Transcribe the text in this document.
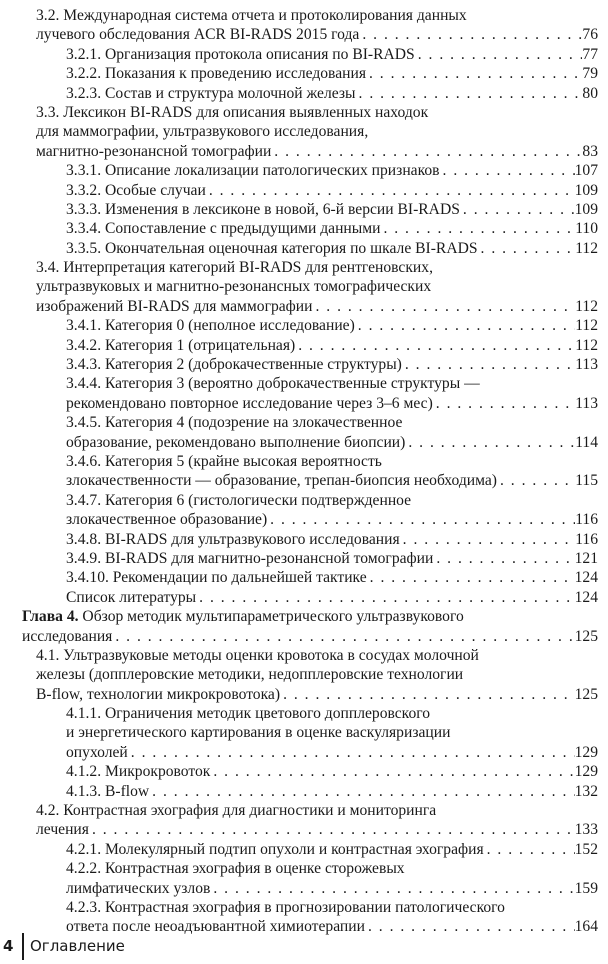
3.2. Международная система отчета и протоколирования данных
лучевого обследования ACR BI-RADS 2015 года . . .	76
3.2.1. Организация протокола описания по BI-RADS . . .	77
3.2.2. Показания к проведению исследования . . .	79
3.2.3. Состав и структура молочной железы . . .	80
3.3. Лексикон BI-RADS для описания выявленных находок
для маммографии, ультразвукового исследования,
магнитно-резонансной томографии . . .	83
3.3.1. Описание локализации патологических признаков . . .	107
3.3.2. Особые случаи . . .	109
3.3.3. Изменения в лексиконе в новой, 6-й версии BI-RADS . . .	109
3.3.4. Сопоставление с предыдущими данными . . .	110
3.3.5. Окончательная оценочная категория по шкале BI-RADS . . .	112
3.4. Интерпретация категорий BI-RADS для рентгеновских,
ультразвуковых и магнитно-резонансных томографических
изображений BI-RADS для маммографии . . .	112
3.4.1. Категория 0 (неполное исследование) . . .	112
3.4.2. Категория 1 (отрицательная) . . .	112
3.4.3. Категория 2 (доброкачественные структуры) . . .	113
3.4.4. Категория 3 (вероятно доброкачественные структуры —
рекомендовано повторное исследование через 3–6 мес) . . .	113
3.4.5. Категория 4 (подозрение на злокачественное
образование, рекомендовано выполнение биопсии) . . .	114
3.4.6. Категория 5 (крайне высокая вероятность
злокачественности — образование, трепан-биопсия необходима) . . .	115
3.4.7. Категория 6 (гистологически подтвержденное
злокачественное образование) . . .	116
3.4.8. BI-RADS для ультразвукового исследования . . .	116
3.4.9. BI-RADS для магнитно-резонансной томографии . . .	121
3.4.10. Рекомендации по дальнейшей тактике . . .	124
Список литературы . . .	124
Глава 4. Обзор методик мультипараметрического ультразвукового
исследования . . .	125
4.1. Ультразвуковые методы оценки кровотока в сосудах молочной
железы (допплеровские методики, недопплеровские технологии
B-flow, технологии микрокровотока) . . .	125
4.1.1. Ограничения методик цветового допплеровского
и энергетического картирования в оценке васкуляризации
опухолей . . .	129
4.1.2. Микрокровоток . . .	129
4.1.3. B-flow . . .	132
4.2. Контрастная эхография для диагностики и мониторинга
лечения . . .	133
4.2.1. Молекулярный подтип опухоли и контрастная эхография . . .	152
4.2.2. Контрастная эхография в оценке сторожевых
лимфатических узлов . . .	159
4.2.3. Контрастная эхография в прогнозировании патологического
ответа после неоадъювантной химиотерапии . . .	164
4 Оглавление
